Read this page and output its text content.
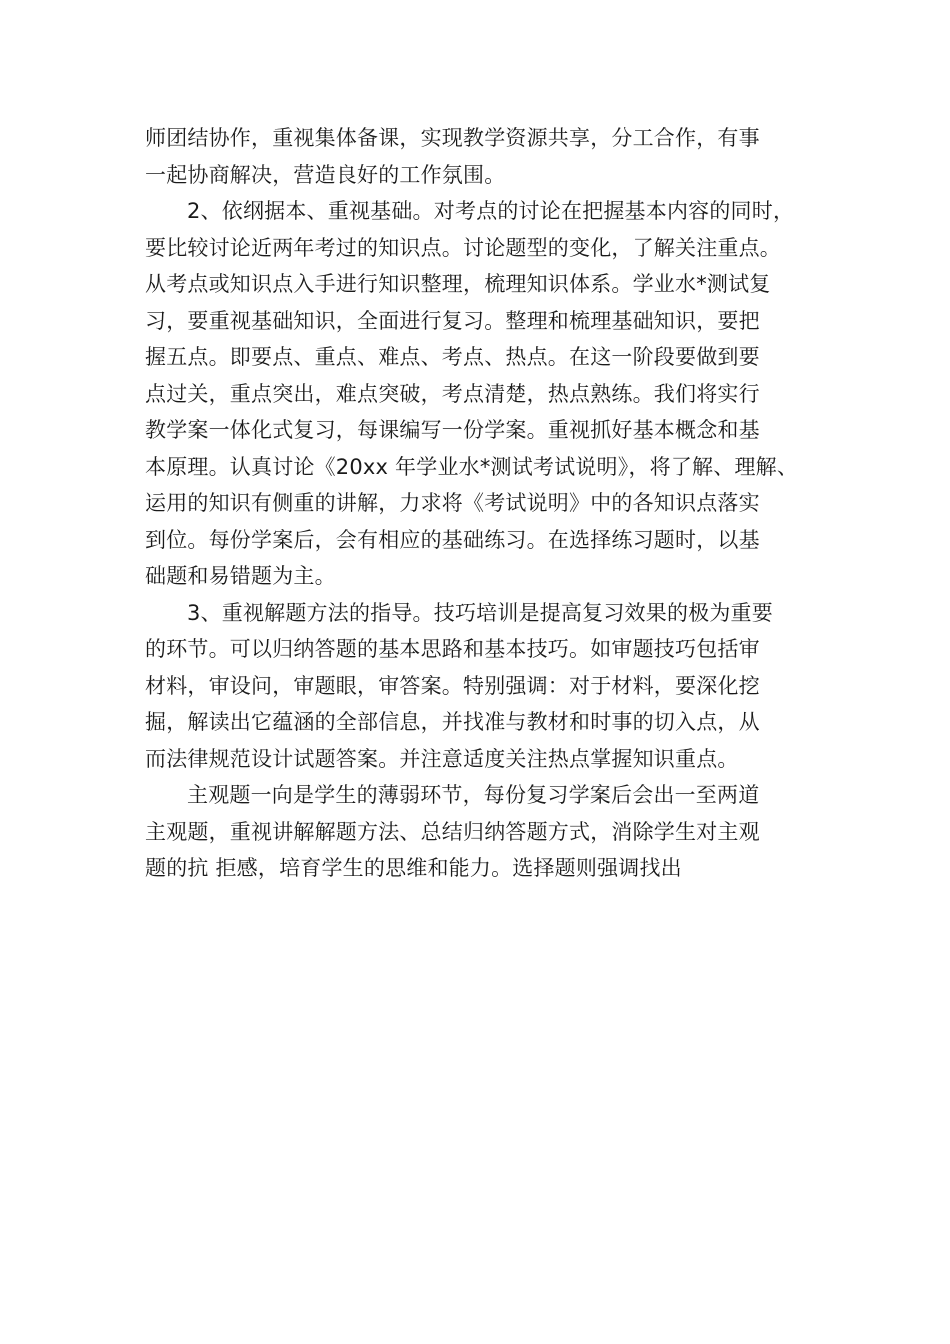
师团结协作，重视集体备课，实现教学资源共享，分工合作，有事
一起协商解决，营造良好的工作氛围。
2、依纲据本、重视基础。对考点的讨论在把握基本内容的同时，
要比较讨论近两年考过的知识点。讨论题型的变化，了解关注重点。
从考点或知识点入手进行知识整理，梳理知识体系。学业水*测试复
习，要重视基础知识，全面进行复习。整理和梳理基础知识，要把
握五点。即要点、重点、难点、考点、热点。在这一阶段要做到要
点过关，重点突出，难点突破，考点清楚，热点熟练。我们将实行
教学案一体化式复习，每课编写一份学案。重视抓好基本概念和基
本原理。认真讨论《20xx 年学业水*测试考试说明》，将了解、理解、
运用的知识有侧重的讲解，力求将《考试说明》中的各知识点落实
到位。每份学案后，会有相应的基础练习。在选择练习题时，以基
础题和易错题为主。
3、重视解题方法的指导。技巧培训是提高复习效果的极为重要
的环节。可以归纳答题的基本思路和基本技巧。如审题技巧包括审
材料，审设问，审题眼，审答案。特别强调：对于材料，要深化挖
掘，解读出它蕴涵的全部信息，并找准与教材和时事的切入点，从
而法律规范设计试题答案。并注意适度关注热点掌握知识重点。
主观题一向是学生的薄弱环节，每份复习学案后会出一至两道
主观题，重视讲解解题方法、总结归纳答题方式，消除学生对主观
题的抗 拒感，培育学生的思维和能力。选择题则强调找出
